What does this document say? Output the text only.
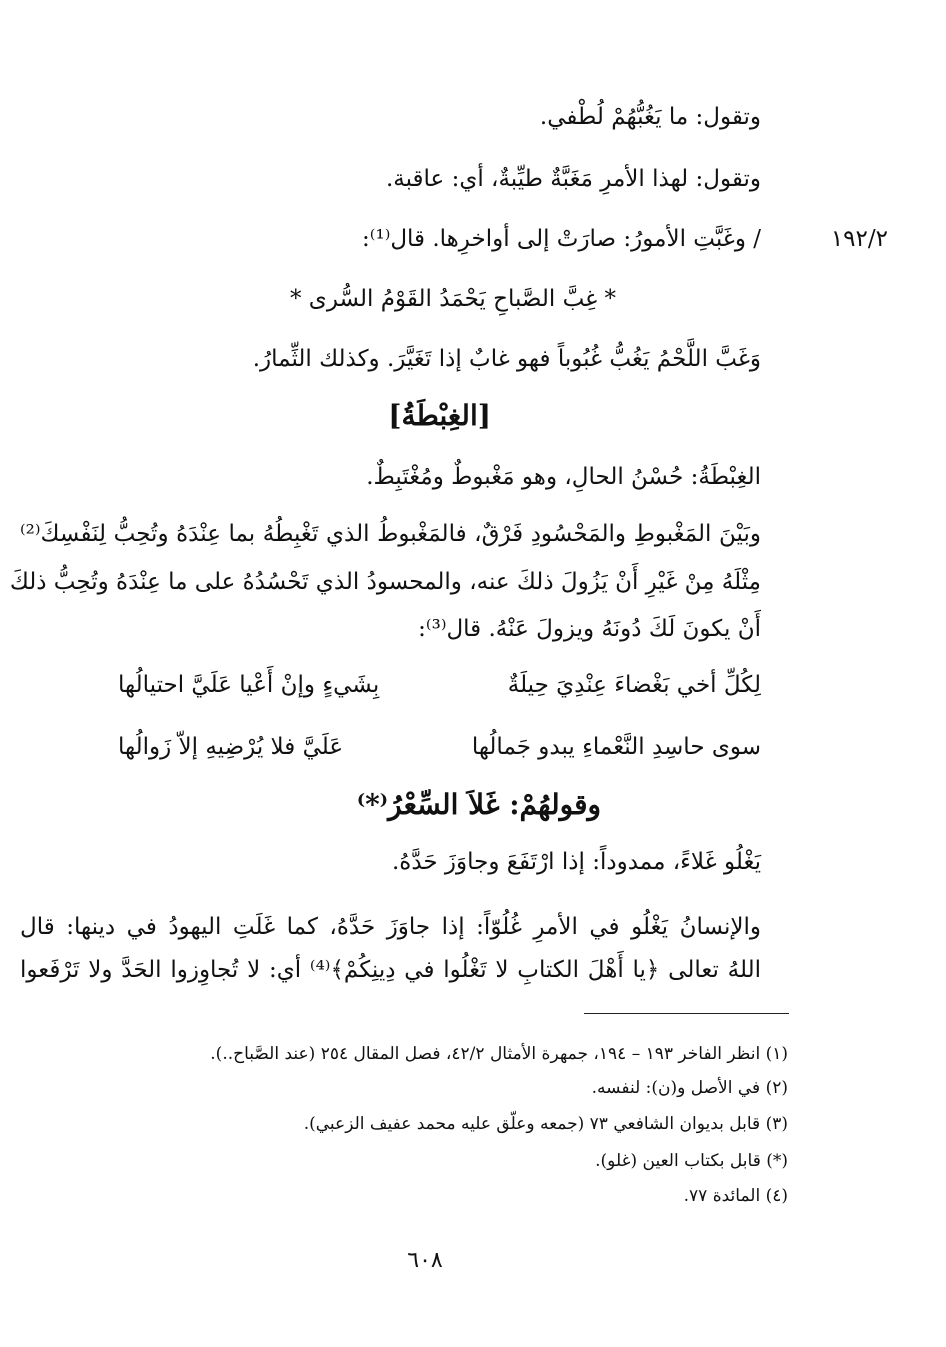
وتقول: ما يَغُبُّهُمْ لُطْفي.
وتقول: لهذا الأمرِ مَغَبَّةٌ طيِّبةٌ، أي: عاقبة.
١٩٢/٢
/ وغَبَّتِ الأمورُ: صارَتْ إلى أواخرِها. قال⁽¹⁾:
* غِبَّ الصَّباحِ يَحْمَدُ القَوْمُ السُّرى *
وَغَبَّ اللَّحْمُ يَغُبُّ غُبُوباً فهو غابٌ إذا تَغَيَّرَ. وكذلك الثِّمارُ.
[الغِبْطَةُ]
الغِبْطَةُ: حُسْنُ الحالِ، وهو مَغْبوطٌ ومُغْتَبِطٌ.
وبَيْنَ المَغْبوطِ والمَحْسُودِ فَرْقٌ، فالمَغْبوطُ الذي تَغْبِطُهُ بما عِنْدَهُ وتُحِبُّ لِنَفْسِكَ⁽²⁾
مِثْلَهُ مِنْ غَيْرِ أَنْ يَزُولَ ذلكَ عنه، والمحسودُ الذي تَحْسُدُهُ على ما عِنْدَهُ وتُحِبُّ ذلكَ
أَنْ يكونَ لَكَ دُونَهُ ويزولَ عَنْهُ. قال⁽³⁾:
لِكُلِّ أخي بَغْضاءَ عِنْدِيَ حِيلَةٌ
بِشَيءٍ وإنْ أَعْيا عَلَيَّ احتيالُها
سوى حاسِدِ النَّعْماءِ يبدو جَمالُها
عَلَيَّ فلا يُرْضِيهِ إلاّ زَوالُها
وقولهُمْ: غَلاَ السِّعْرُ⁽*⁾
يَغْلُو غَلاءً، ممدوداً: إذا ارْتَفَعَ وجاوَزَ حَدَّهُ.
والإنسانُ يَغْلُو في الأمرِ غُلُوّاً: إذا جاوَزَ حَدَّهُ، كما غَلَتِ اليهودُ في دينها: قال
اللهُ تعالى ﴿يا أَهْلَ الكتابِ لا تَغْلُوا في دِينِكُمْ﴾⁽⁴⁾ أي: لا تُجاوِزوا الحَدَّ ولا تَرْفَعوا
(١) انظر الفاخر ١٩٣ – ١٩٤، جمهرة الأمثال ٤٢/٢، فصل المقال ٢٥٤ (عند الصَّباح..).
(٢) في الأصل و(ن): لنفسه.
(٣) قابل بديوان الشافعي ٧٣ (جمعه وعلّق عليه محمد عفيف الزعبي).
(*) قابل بكتاب العين (غلو).
(٤) المائدة ٧٧.
٦٠٨
